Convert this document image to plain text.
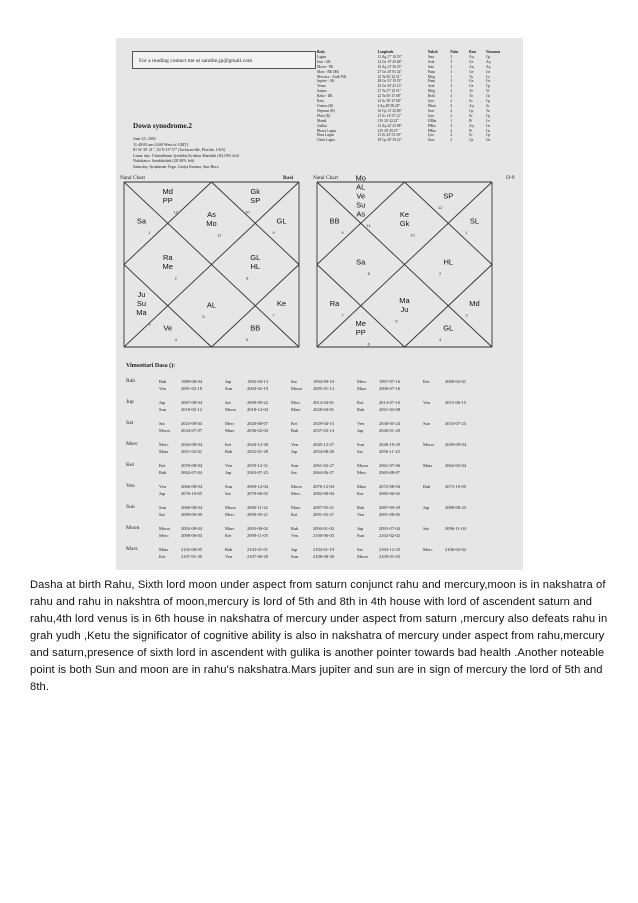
For a reading contact me at sandim.jp@gmail.com
Down synodrome.2
June 25, 2002
11:48:00 am (4:00 West of GMT)
81 W 39' 21", 30 N 19' 57" (Jacksonville, Florida, USA)
Lunar day: Chitrabhanu Jyeshtha Krishna Shashthi (84.19% left)
Nakshatra: Satabhishak (28.30% left)
Saturday, Ayushman Yoga, Garija Karana, Sun Hora
Body	Longitude	Naksh	Pada	Rasi	Navamsa
Lagna	12 Ag 17' 10.53"	Sata	2	Aq	Cp
Sun - GK	14 Ge 19' 45.68"	Ardr	3	Ge	Aq
Moon - PK	16 Aq 13' 36.55"	Sata	3	Aq	Aq
Mars - BK MK	27 Ge 28' 01.34"	Puna	3	Ge	Ge
Mercury - AmK PiK	23 Ta 50' 43.31"	Mrig	1	Ta	Le
Jupiter - AK	28 Ge 53' 19.53"	Puna	3	Ge	Ge
Venus	23 Ge 50' 41.13"	Ardr	3	Ge	Cp
Saturn	27 Ta 57' 25.51"	Mrig	2	Ta	Vi
Rahu - DK	22 Ta 50' 47.68"	Rohi	4	Ta	Cn
Ketu	22 Sc 50' 47.68"	Jyes	2	Sc	Cp
Uranus (R)	4 Aq 48' 08.28"	Dhan	4	Aq	Sc
Neptune (R)	16 Cp 13' 20.86"	Srav	2	Cp	Ta
Pluto (R)	21 Sc 14' 07.12"	Jyes	2	Sc	Cp
Mandi	5 Pi 20' 42.22"	UBha	1	Pi	Le
Gulika	21 Aq 42' 43.98"	PBha	4	Aq	Cn
Bhava Lagna	2 Pi 49' 49.47"	PBha	4	Pi	Cn
Hora Lagna	21 Sc 43' 01.58"	Jyes	2	Sc	Cp
Ghati Lagna	18 Cp 49' 39.22"	Srav	3	Cp	Ge
Natal Chart	Rasi	Natal Chart	D-9
As
Mo
11
Md
PP
12
Sa
1
Ra
Me
2
Ju
Su
Ma
3 Ve
4
AL
5
BB
6
Ke
7
GL
HL
8
GL
9
Gk
SP
10	Ke
Gk
10
Mo
AL
Ve
Su
As
11
BB
9
Sa
8
Ra
7
Me
PP
6
Ma
Ju
5
GL
4
Md
3
HL
2
SL
1
SP
12
Vimsottari Dasa ():
Rah	Rah	1989-08-04	Jup	1992-04-13	Sat	1994-09-10	Merc	1997-07-16	Ket	2000-02-01
Ven	2001-02-18	Sun	2004-02-19	Moon	2005-01-13	Mars	2006-07-16
Jup	Jup	2007-08-04	Sat	2009-09-22	Merc	2012-04-01	Ket	2014-07-10	Ven	2015-06-15
Sun	2018-02-12	Moon	2018-12-04	Mars	2020-04-01	Rah	2021-03-08
Sat	Sat	2023-08-04	Merc	2026-08-07	Ket	2029-04-15	Ven	2030-05-24	Sun	2033-07-25
Moon	2034-07-07	Mars	2036-02-04	Rah	2037-03-14	Jup	2040-01-20
Merc	Merc	2042-08-04	Ket	2044-12-30	Ven	2045-12-27	Sun	2048-10-29	Moon	2049-09-04
Mars	2051-02-01	Rah	2052-01-29	Jup	2054-08-20	Sat	2056-11-25
Ket	Ket	2059-08-04	Ven	2059-12-31	Sun	2061-02-27	Moon	2061-07-06	Mars	2062-02-04
Rah	2062-07-04	Jup	2063-07-23	Sat	2064-06-27	Merc	2065-08-07
Ven	Ven	2066-08-04	Sun	2069-12-04	Moon	2070-12-04	Mars	2072-08-04	Rah	2073-10-05
Jup	2076-10-05	Sat	2079-06-03	Merc	2082-08-04	Ket	2085-06-02
Sun	Sun	2086-08-04	Moon	2086-11-22	Mars	2087-05-21	Rah	2087-09-29	Jup	2088-08-23
Sat	2089-06-09	Merc	2090-05-21	Ket	2091-03-27	Ven	2091-08-05
Moon	Moon	2092-08-04	Mars	2093-06-02	Rah	2094-01-02	Jup	2095-07-04	Sat	2096-11-04
Merc	2098-06-03	Ket	2099-11-05	Ven	2100-06-03	Sun	2102-02-02
Mars	Mars	2102-08-05	Rah	2103-01-01	Jup	2104-01-19	Sat	2104-12-25	Merc	2106-02-02
Ket	2107-01-30	Ven	2107-06-29	Sun	2108-08-30	Moon	2109-01-03
Dasha at birth Rahu, Sixth lord moon under aspect from saturn conjunct rahu and mercury,moon is in nakshatra of rahu and rahu in nakshtra of moon,mercury is lord of 5th and 8th in 4th house with lord of ascendent saturn and rahu,4th lord venus is in 6th house in nakshatra of mercury under aspect from saturn ,mercury also defeats rahu in grah yudh ,Ketu the significator of cognitive ability is also in nakshatra of mercury under aspect from rahu,mercury and saturn,presence of sixth lord in ascendent with gulika is another pointer towards bad health .Another noteable point is both Sun and moon are in rahu's nakshatra.Mars jupiter and sun are in sign of mercury the lord of 5th and 8th.
